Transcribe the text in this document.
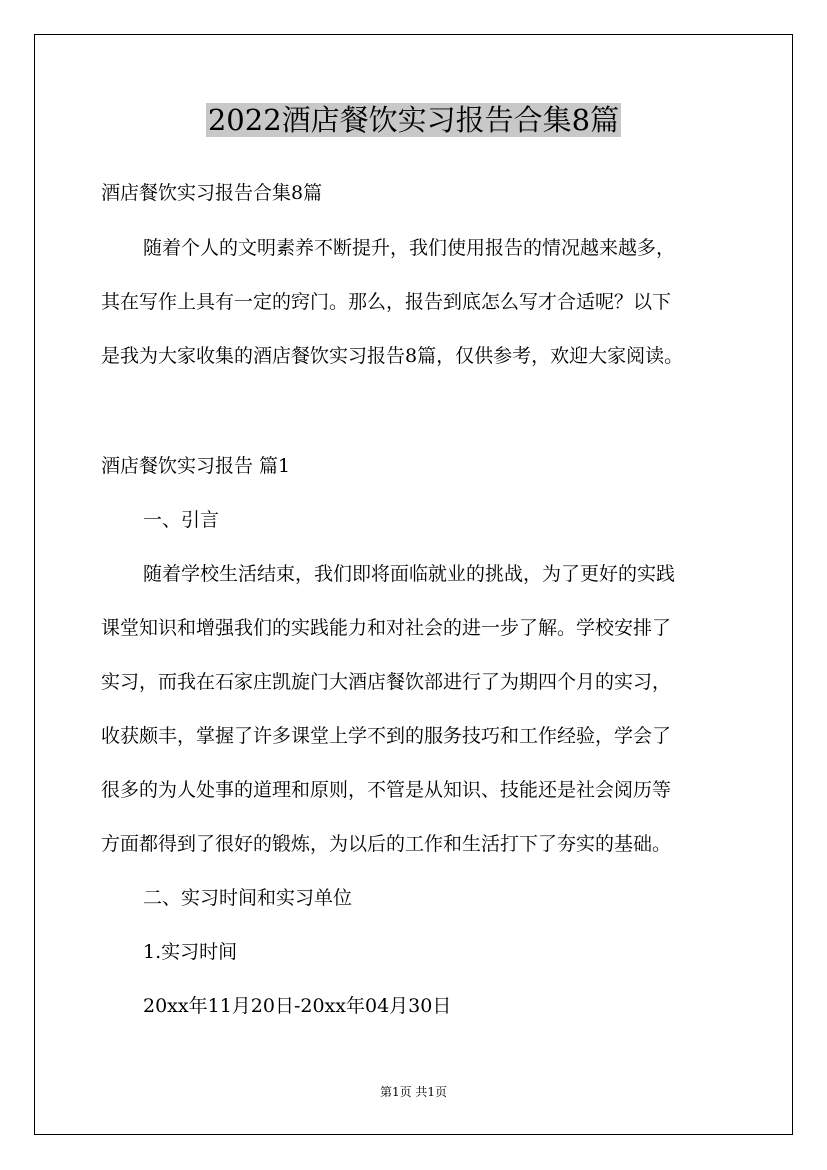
2022酒店餐饮实习报告合集8篇
酒店餐饮实习报告合集8篇
随着个人的文明素养不断提升，我们使用报告的情况越来越多，
其在写作上具有一定的窍门。那么，报告到底怎么写才合适呢？以下
是我为大家收集的酒店餐饮实习报告8篇，仅供参考，欢迎大家阅读。
酒店餐饮实习报告 篇1
一、引言
随着学校生活结束，我们即将面临就业的挑战，为了更好的实践
课堂知识和增强我们的实践能力和对社会的进一步了解。学校安排了
实习，而我在石家庄凯旋门大酒店餐饮部进行了为期四个月的实习，
收获颇丰，掌握了许多课堂上学不到的服务技巧和工作经验，学会了
很多的为人处事的道理和原则，不管是从知识、技能还是社会阅历等
方面都得到了很好的锻炼，为以后的工作和生活打下了夯实的基础。
二、实习时间和实习单位
1.实习时间
20xx年11月20日-20xx年04月30日
第1页 共1页
